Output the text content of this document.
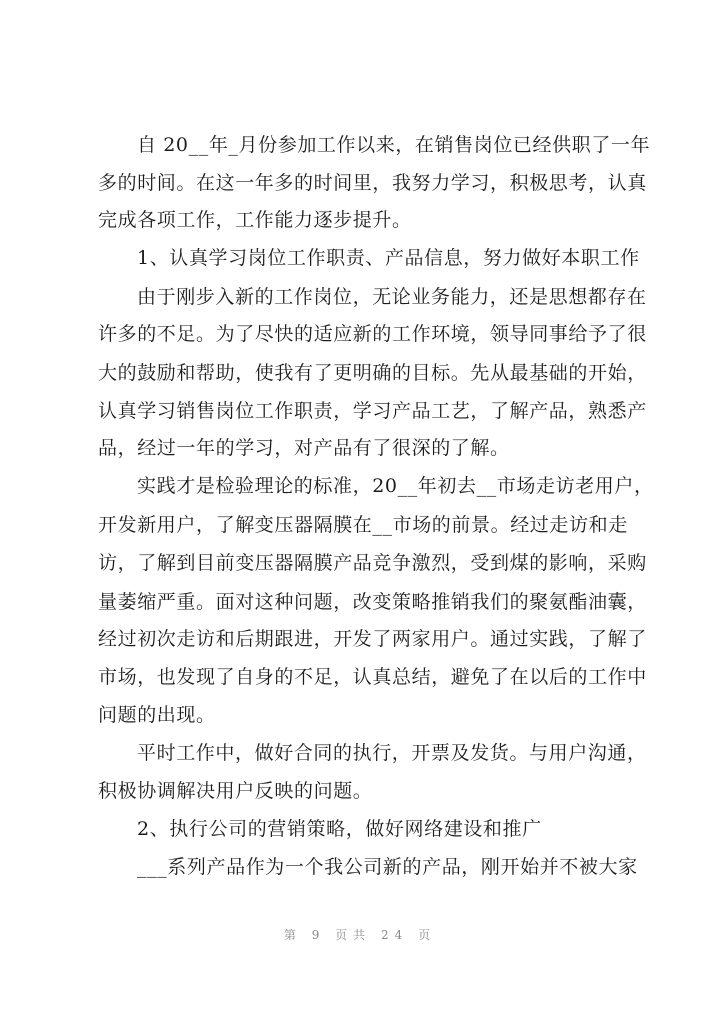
自 20__年_月份参加工作以来，在销售岗位已经供职了一年
多的时间。在这一年多的时间里，我努力学习，积极思考，认真
完成各项工作，工作能力逐步提升。
1、认真学习岗位工作职责、产品信息，努力做好本职工作
由于刚步入新的工作岗位，无论业务能力，还是思想都存在
许多的不足。为了尽快的适应新的工作环境，领导同事给予了很
大的鼓励和帮助，使我有了更明确的目标。先从最基础的开始，
认真学习销售岗位工作职责，学习产品工艺，了解产品，熟悉产
品，经过一年的学习，对产品有了很深的了解。
实践才是检验理论的标准，20__年初去__市场走访老用户，
开发新用户，了解变压器隔膜在__市场的前景。经过走访和走
访，了解到目前变压器隔膜产品竞争激烈，受到煤的影响，采购
量萎缩严重。面对这种问题，改变策略推销我们的聚氨酯油囊，
经过初次走访和后期跟进，开发了两家用户。通过实践，了解了
市场，也发现了自身的不足，认真总结，避免了在以后的工作中
问题的出现。
平时工作中，做好合同的执行，开票及发货。与用户沟通，
积极协调解决用户反映的问题。
2、执行公司的营销策略，做好网络建设和推广
___系列产品作为一个我公司新的产品，刚开始并不被大家
第 9 页共 24 页
